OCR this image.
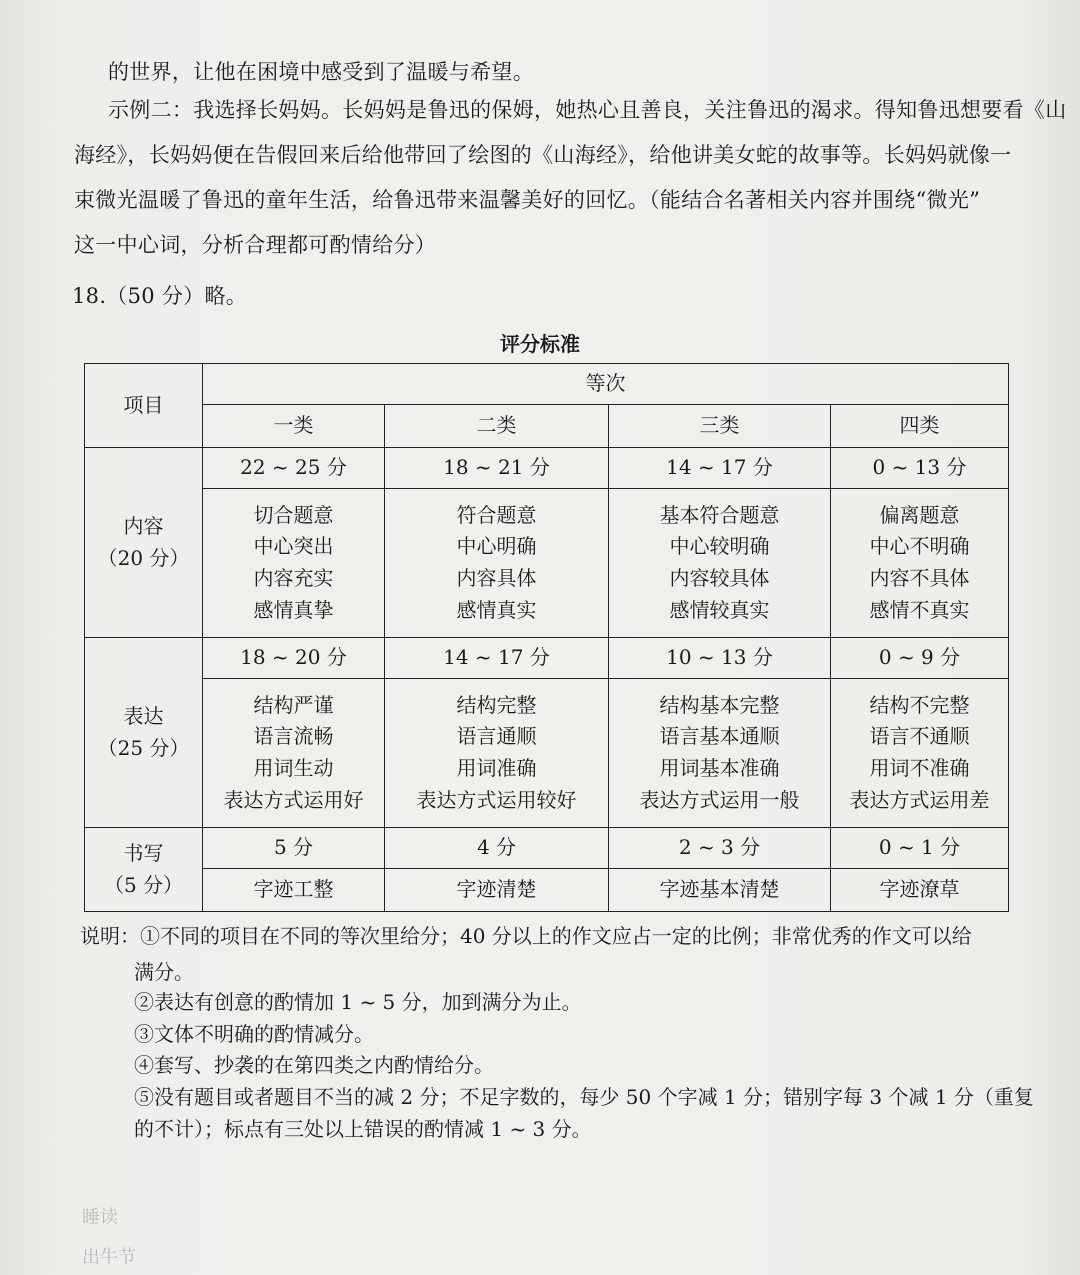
的世界，让他在困境中感受到了温暖与希望。
示例二：我选择长妈妈。长妈妈是鲁迅的保姆，她热心且善良，关注鲁迅的渴求。得知鲁迅想要看《山
海经》，长妈妈便在告假回来后给他带回了绘图的《山海经》，给他讲美女蛇的故事等。长妈妈就像一
束微光温暖了鲁迅的童年生活，给鲁迅带来温馨美好的回忆。（能结合名著相关内容并围绕“微光”
这一中心词，分析合理都可酌情给分）
18.（50 分）略。
评分标准
项目	等次			
	一类	二类	三类	四类

内容
（20 分）	22 ~ 25 分	18 ~ 21 分	14 ~ 17 分	0 ~ 13 分

	切合题意
中心突出
内容充实
感情真挚	符合题意
中心明确
内容具体
感情真实	基本符合题意
中心较明确
内容较具体
感情较真实	偏离题意
中心不明确
内容不具体
感情不真实

表达
（25 分）	18 ~ 20 分	14 ~ 17 分	10 ~ 13 分	0 ~ 9 分

	结构严谨
语言流畅
用词生动
表达方式运用好	结构完整
语言通顺
用词准确
表达方式运用较好	结构基本完整
语言基本通顺
用词基本准确
表达方式运用一般	结构不完整
语言不通顺
用词不准确
表达方式运用差

书写
（5 分）	5 分	4 分	2 ~ 3 分	0 ~ 1 分
	字迹工整	字迹清楚	字迹基本清楚	字迹潦草
说明：①不同的项目在不同的等次里给分；40 分以上的作文应占一定的比例；非常优秀的作文可以给
满分。
②表达有创意的酌情加 1 ~ 5 分，加到满分为止。
③文体不明确的酌情减分。
④套写、抄袭的在第四类之内酌情给分。
⑤没有题目或者题目不当的减 2 分；不足字数的，每少 50 个字减 1 分；错别字每 3 个减 1 分（重复
的不计）；标点有三处以上错误的酌情减 1 ~ 3 分。
睡读
出牛节
